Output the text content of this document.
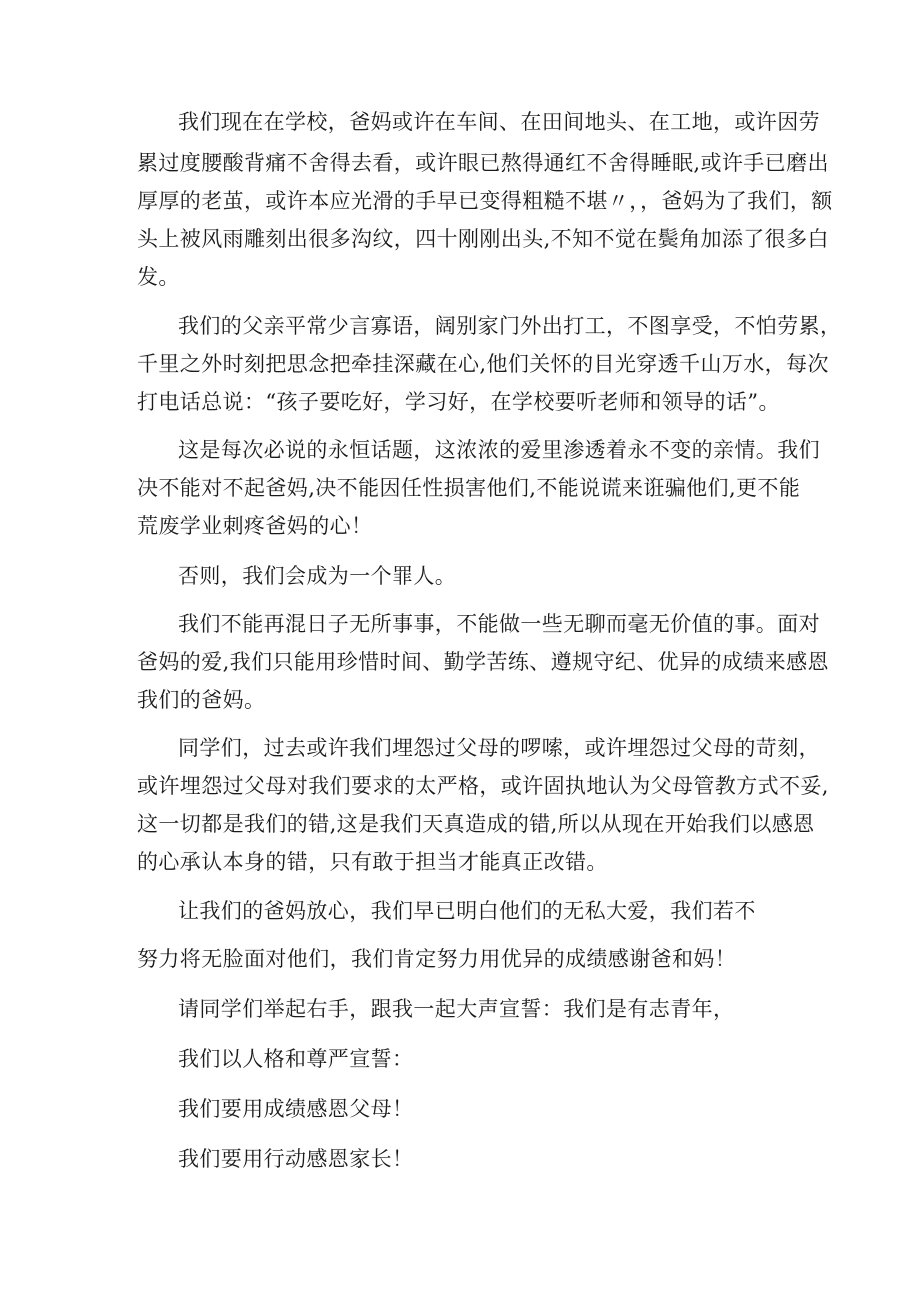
我们现在在学校，爸妈或许在车间、在田间地头、在工地，或许因劳
累过度腰酸背痛不舍得去看，或许眼已熬得通红不舍得睡眠,或许手已磨出
厚厚的老茧，或许本应光滑的手早已变得粗糙不堪〃，，爸妈为了我们，额
头上被风雨雕刻出很多沟纹，四十刚刚出头,不知不觉在鬓角加添了很多白
发。
我们的父亲平常少言寡语，阔别家门外出打工，不图享受，不怕劳累，
千里之外时刻把思念把牵挂深藏在心,他们关怀的目光穿透千山万水，每次
打电话总说：“孩子要吃好，学习好，在学校要听老师和领导的话”。
这是每次必说的永恒话题，这浓浓的爱里渗透着永不变的亲情。我们
决不能对不起爸妈,决不能因任性损害他们,不能说谎来诳骗他们,更不能
荒废学业刺疼爸妈的心！
否则，我们会成为一个罪人。
我们不能再混日子无所事事，不能做一些无聊而毫无价值的事。面对
爸妈的爱,我们只能用珍惜时间、勤学苦练、遵规守纪、优异的成绩来感恩
我们的爸妈。
同学们，过去或许我们埋怨过父母的啰嗦，或许埋怨过父母的苛刻，
或许埋怨过父母对我们要求的太严格，或许固执地认为父母管教方式不妥,
这一切都是我们的错,这是我们天真造成的错,所以从现在开始我们以感恩
的心承认本身的错，只有敢于担当才能真正改错。
让我们的爸妈放心，我们早已明白他们的无私大爱，我们若不
努力将无脸面对他们，我们肯定努力用优异的成绩感谢爸和妈！
请同学们举起右手，跟我一起大声宣誓：我们是有志青年，
我们以人格和尊严宣誓：
我们要用成绩感恩父母！
我们要用行动感恩家长！
